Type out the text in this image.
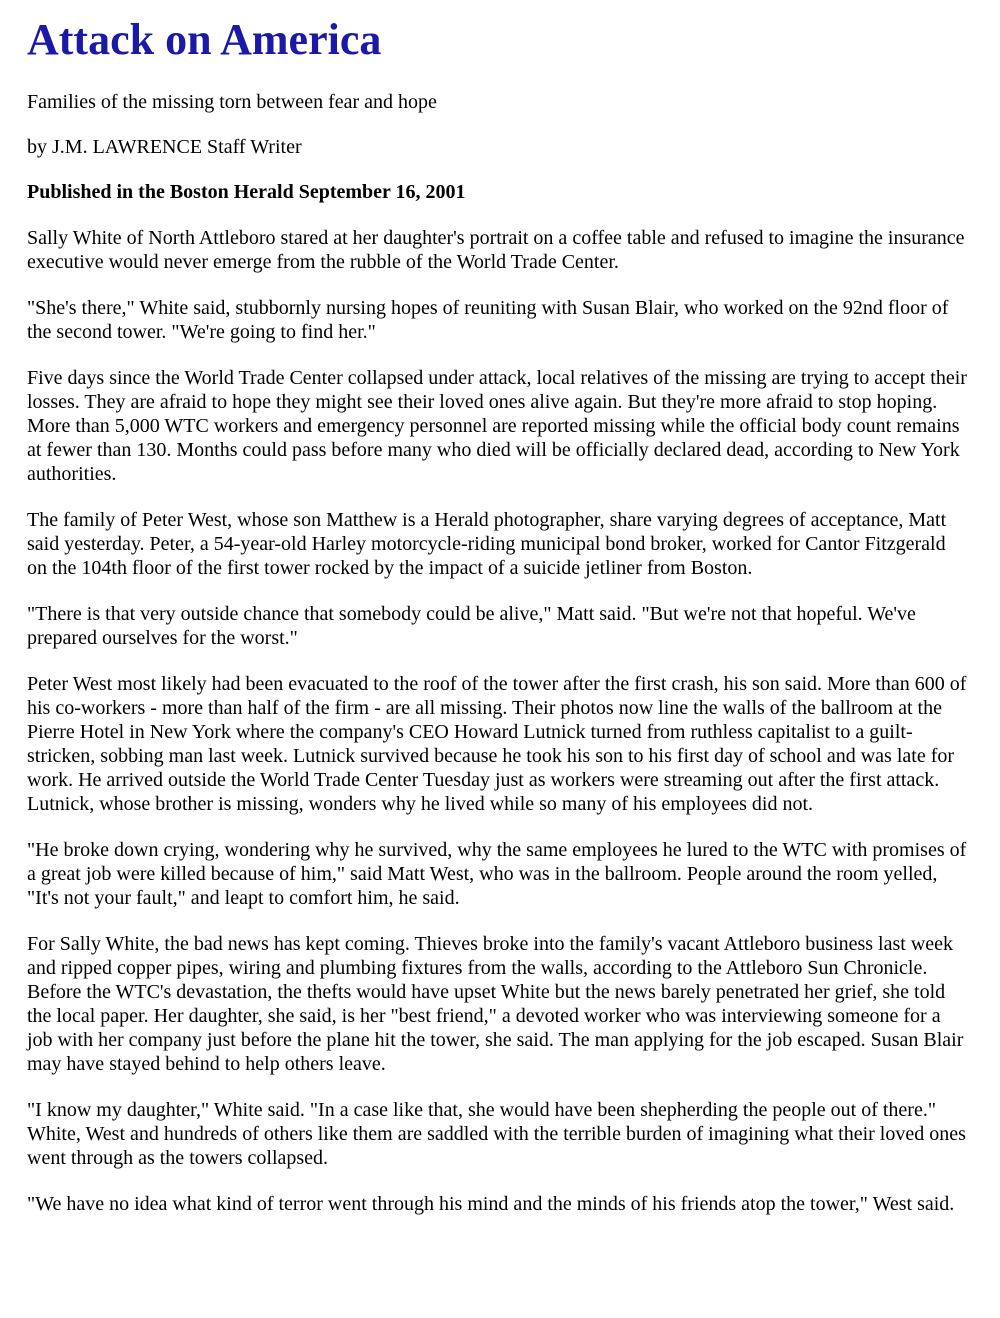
Attack on America

Families of the missing torn between fear and hope

by J.M. LAWRENCE Staff Writer

Published in the Boston Herald September 16, 2001

Sally White of North Attleboro stared at her daughter's portrait on a coffee table and refused to imagine the insurance executive would never emerge from the rubble of the World Trade Center.

"She's there," White said, stubbornly nursing hopes of reuniting with Susan Blair, who worked on the 92nd floor of the second tower. "We're going to find her."

Five days since the World Trade Center collapsed under attack, local relatives of the missing are trying to accept their losses. They are afraid to hope they might see their loved ones alive again. But they're more afraid to stop hoping. More than 5,000 WTC workers and emergency personnel are reported missing while the official body count remains at fewer than 130. Months could pass before many who died will be officially declared dead, according to New York authorities.

The family of Peter West, whose son Matthew is a Herald photographer, share varying degrees of acceptance, Matt said yesterday. Peter, a 54-year-old Harley motorcycle-riding municipal bond broker, worked for Cantor Fitzgerald on the 104th floor of the first tower rocked by the impact of a suicide jetliner from Boston.

"There is that very outside chance that somebody could be alive," Matt said. "But we're not that hopeful. We've prepared ourselves for the worst."

Peter West most likely had been evacuated to the roof of the tower after the first crash, his son said. More than 600 of his co-workers - more than half of the firm - are all missing. Their photos now line the walls of the ballroom at the Pierre Hotel in New York where the company's CEO Howard Lutnick turned from ruthless capitalist to a guilt-stricken, sobbing man last week. Lutnick survived because he took his son to his first day of school and was late for work. He arrived outside the World Trade Center Tuesday just as workers were streaming out after the first attack. Lutnick, whose brother is missing, wonders why he lived while so many of his employees did not.

"He broke down crying, wondering why he survived, why the same employees he lured to the WTC with promises of a great job were killed because of him," said Matt West, who was in the ballroom. People around the room yelled, "It's not your fault," and leapt to comfort him, he said.

For Sally White, the bad news has kept coming. Thieves broke into the family's vacant Attleboro business last week and ripped copper pipes, wiring and plumbing fixtures from the walls, according to the Attleboro Sun Chronicle. Before the WTC's devastation, the thefts would have upset White but the news barely penetrated her grief, she told the local paper. Her daughter, she said, is her "best friend," a devoted worker who was interviewing someone for a job with her company just before the plane hit the tower, she said. The man applying for the job escaped. Susan Blair may have stayed behind to help others leave.

"I know my daughter," White said. "In a case like that, she would have been shepherding the people out of there." White, West and hundreds of others like them are saddled with the terrible burden of imagining what their loved ones went through as the towers collapsed.

"We have no idea what kind of terror went through his mind and the minds of his friends atop the tower," West said.
